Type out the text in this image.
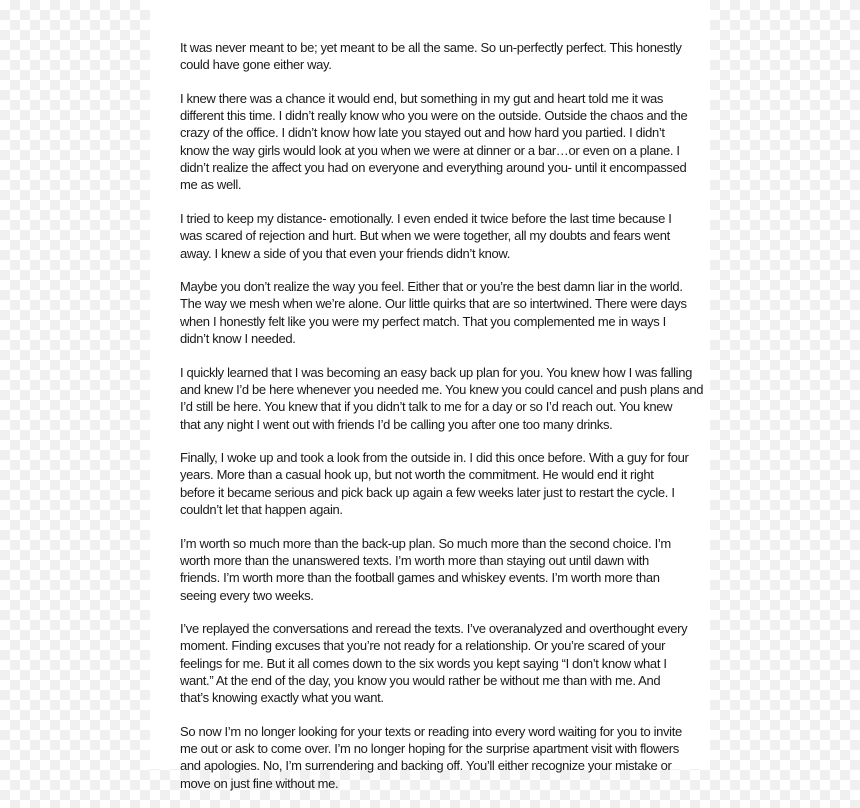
It was never meant to be; yet meant to be all the same. So un-perfectly perfect. This honestly
could have gone either way.
I knew there was a chance it would end, but something in my gut and heart told me it was
different this time. I didn’t really know who you were on the outside. Outside the chaos and the
crazy of the office. I didn’t know how late you stayed out and how hard you partied. I didn’t
know the way girls would look at you when we were at dinner or a bar…or even on a plane. I
didn’t realize the affect you had on everyone and everything around you- until it encompassed
me as well.
I tried to keep my distance- emotionally. I even ended it twice before the last time because I
was scared of rejection and hurt. But when we were together, all my doubts and fears went
away. I knew a side of you that even your friends didn’t know.
Maybe you don’t realize the way you feel. Either that or you’re the best damn liar in the world.
The way we mesh when we’re alone. Our little quirks that are so intertwined. There were days
when I honestly felt like you were my perfect match. That you complemented me in ways I
didn’t know I needed.
I quickly learned that I was becoming an easy back up plan for you. You knew how I was falling
and knew I’d be here whenever you needed me. You knew you could cancel and push plans and
I’d still be here. You knew that if you didn’t talk to me for a day or so I’d reach out. You knew
that any night I went out with friends I’d be calling you after one too many drinks.
Finally, I woke up and took a look from the outside in. I did this once before. With a guy for four
years. More than a casual hook up, but not worth the commitment. He would end it right
before it became serious and pick back up again a few weeks later just to restart the cycle. I
couldn’t let that happen again.
I’m worth so much more than the back-up plan. So much more than the second choice. I’m
worth more than the unanswered texts. I’m worth more than staying out until dawn with
friends. I’m worth more than the football games and whiskey events. I’m worth more than
seeing every two weeks.
I’ve replayed the conversations and reread the texts. I’ve overanalyzed and overthought every
moment. Finding excuses that you’re not ready for a relationship. Or you’re scared of your
feelings for me. But it all comes down to the six words you kept saying “I don’t know what I
want.” At the end of the day, you know you would rather be without me than with me. And
that’s knowing exactly what you want.
So now I’m no longer looking for your texts or reading into every word waiting for you to invite
me out or ask to come over. I’m no longer hoping for the surprise apartment visit with flowers
and apologies. No, I’m surrendering and backing off. You’ll either recognize your mistake or
move on just fine without me.
